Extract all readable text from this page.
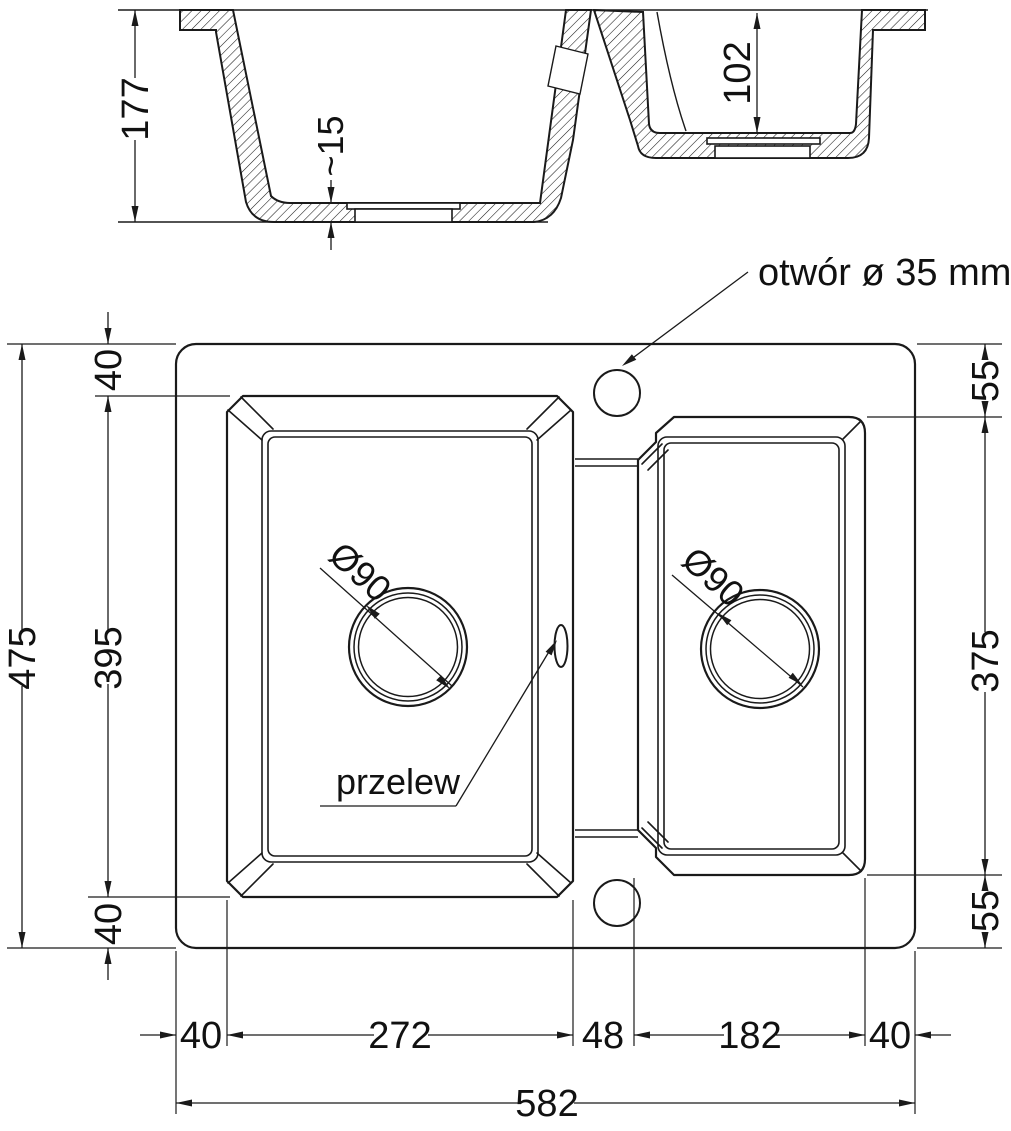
177
~15
102
Ø90	Ø90
otwór ø 35 mm
przelew
475
40
395
40
55
375
55
40	272	48 182 40
582
